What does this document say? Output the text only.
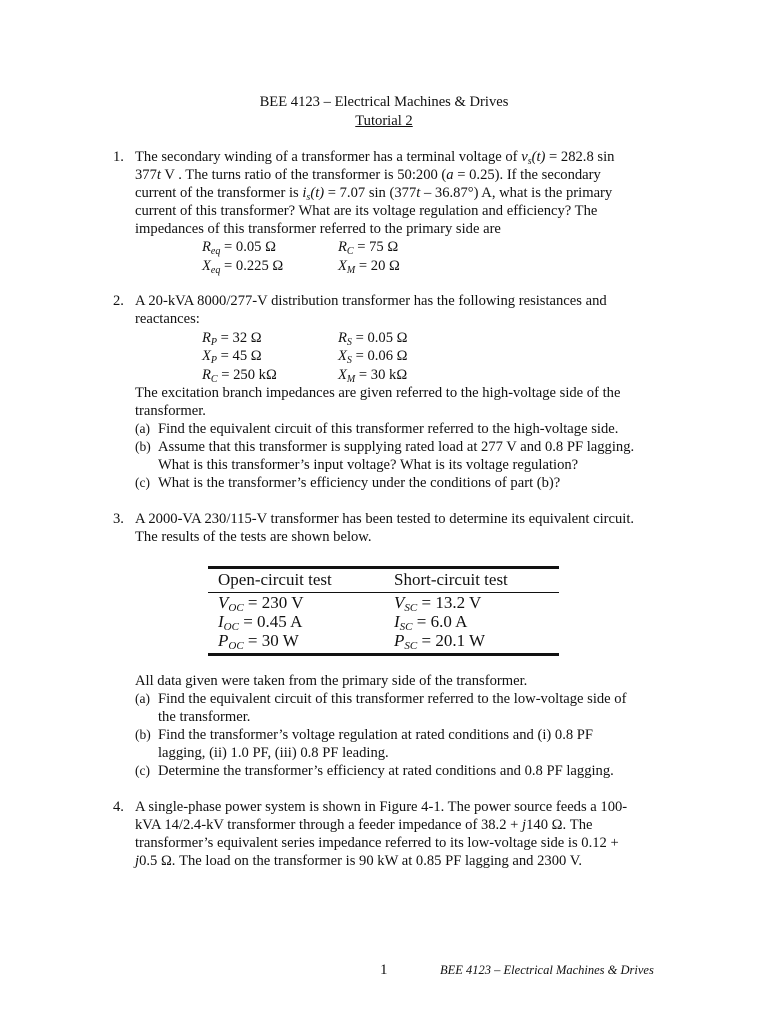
BEE 4123 – Electrical Machines & Drives
Tutorial 2
1. The secondary winding of a transformer has a terminal voltage of $v_s(t) = 282.8$ sin
377t V . The turns ratio of the transformer is 50:200 (a = 0.25). If the secondary
current of the transformer is $i_s(t) = 7.07$ sin (377t – 36.87°) A, what is the primary
current of this transformer? What are its voltage regulation and efficiency? The
impedances of this transformer referred to the primary side are
$R_{eq} = 0.05$ Ω	$R_C = 75$ Ω
$X_{eq} = 0.225$ Ω	$X_M = 20$ Ω
2. A 20-kVA 8000/277-V distribution transformer has the following resistances and
reactances:
$R_P = 32$ Ω	$R_S = 0.05$ Ω
$X_P = 45$ Ω	$X_S = 0.06$ Ω
$R_C = 250$ kΩ	$X_M = 30$ kΩ
The excitation branch impedances are given referred to the high-voltage side of the
transformer.
(a) Find the equivalent circuit of this transformer referred to the high-voltage side.
(b) Assume that this transformer is supplying rated load at 277 V and 0.8 PF lagging.
What is this transformer’s input voltage? What is its voltage regulation?
(c) What is the transformer’s efficiency under the conditions of part (b)?
3. A 2000-VA 230/115-V transformer has been tested to determine its equivalent circuit.
The results of the tests are shown below.
Open-circuit test	Short-circuit test
VOC = 230 V	VSC = 13.2 V
IOC = 0.45 A	ISC = 6.0 A
POC = 30 W	PSC = 20.1 W
All data given were taken from the primary side of the transformer.
(a) Find the equivalent circuit of this transformer referred to the low-voltage side of
the transformer.
(b) Find the transformer’s voltage regulation at rated conditions and (i) 0.8 PF
lagging, (ii) 1.0 PF, (iii) 0.8 PF leading.
(c) Determine the transformer’s efficiency at rated conditions and 0.8 PF lagging.
4. A single-phase power system is shown in Figure 4-1. The power source feeds a 100-
kVA 14/2.4-kV transformer through a feeder impedance of 38.2 + j140 Ω. The
transformer’s equivalent series impedance referred to its low-voltage side is 0.12 +
j0.5 Ω. The load on the transformer is 90 kW at 0.85 PF lagging and 2300 V.
1	BEE 4123 – Electrical Machines & Drives
